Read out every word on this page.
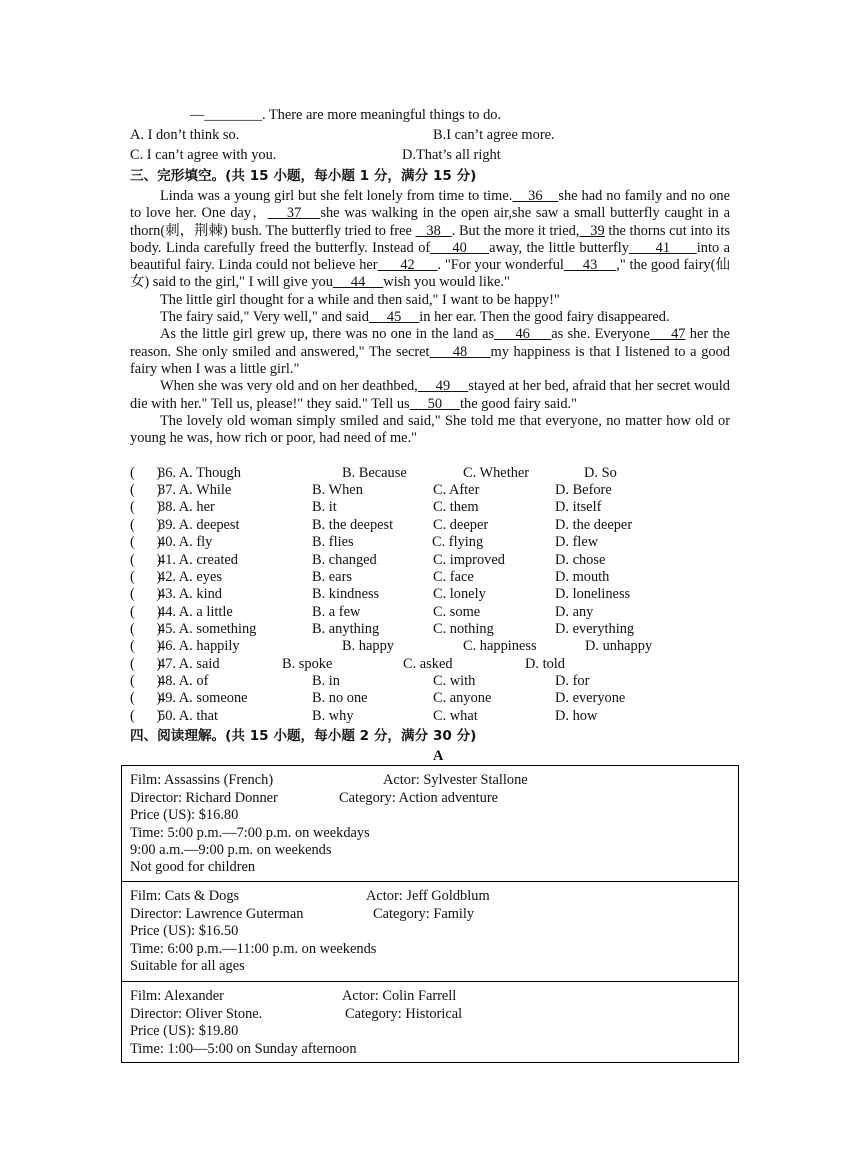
—________. There are more meaningful things to do.
A. I don’t think so.	B.I can’t agree more.
C. I can’t agree with you.	D.That’s all right
三、完形填空。(共 15 小题，每小题 1 分，满分 15 分)

Linda was a young girl but she felt lonely from time to time.    36    she had no family and no one to love her. One day，    37    she was walking in the open air,she saw a small butterfly caught in a thorn(刺，荆棘) bush. The butterfly tried to free    38   . But the more it tried,   39 the thorns cut into its body. Linda carefully freed the butterfly. Instead of     40     away, the little butterfly      41      into a beautiful fairy. Linda could not believe her      42      . "For your wonderful     43     ," the good fairy(仙女) said to the girl," I will give you     44     wish you would like."

The little girl thought for a while and then said," I want to be happy!"

The fairy said," Very well," and said     45     in her ear. Then the good fairy disappeared.

As the little girl grew up, there was no one in the land as     46     as she. Everyone     47 her the reason. She only smiled and answered," The secret     48     my happiness is that I listened to a good fairy when I was a little girl."

When she was very old and on her deathbed,     49     stayed at her bed, afraid that her secret would die with her." Tell us, please!" they said." Tell us     50     the good fairy said."

The lovely old woman simply smiled and said," She told me that everyone, no matter how old or young he was, how rich or poor, had need of me."

(      )
36. A. Though	B. Because	C. Whether	D. So
(      )
37. A. While	B. When	C. After	D. Before
(      )
38. A. her	B. it	C. them	D. itself
(      )
39. A. deepest	B. the deepest	C. deeper	D. the deeper
(      )
40. A. fly	B. flies	C. flying	D. flew
(      )
41. A. created	B. changed	C. improved	D. chose
(      )
42. A. eyes	B. ears	C. face	D. mouth
(      )
43. A. kind	B. kindness	C. lonely	D. loneliness
(      )
44. A. a little	B. a few	C. some	D. any
(      )
45. A. something	B. anything	C. nothing	D. everything
(      )
46. A. happily	B. happy	C. happiness	D. unhappy
(      )
47. A. said	B. spoke	C. asked	D. told
(      )
48. A. of	B. in	C. with	D. for
(      )
49. A. someone	B. no one	C. anyone	D. everyone
(      )
50. A. that	B. why	C. what	D. how
四、阅读理解。(共 15 小题，每小题 2 分，满分 30 分)
A
Film: Assassins (French)	Actor: Sylvester Stallone
Director: Richard Donner	Category: Action adventure
Price (US): $16.80
Time: 5:00 p.m.—7:00 p.m. on weekdays
9:00 a.m.—9:00 p.m. on weekends
Not good for children
Film: Cats & Dogs	Actor: Jeff Goldblum
Director: Lawrence Guterman	Category: Family
Price (US): $16.50
Time: 6:00 p.m.—11:00 p.m. on weekends
Suitable for all ages
Film: Alexander	Actor: Colin Farrell
Director: Oliver Stone.	Category: Historical
Price (US): $19.80
Time: 1:00—5:00 on Sunday afternoon
